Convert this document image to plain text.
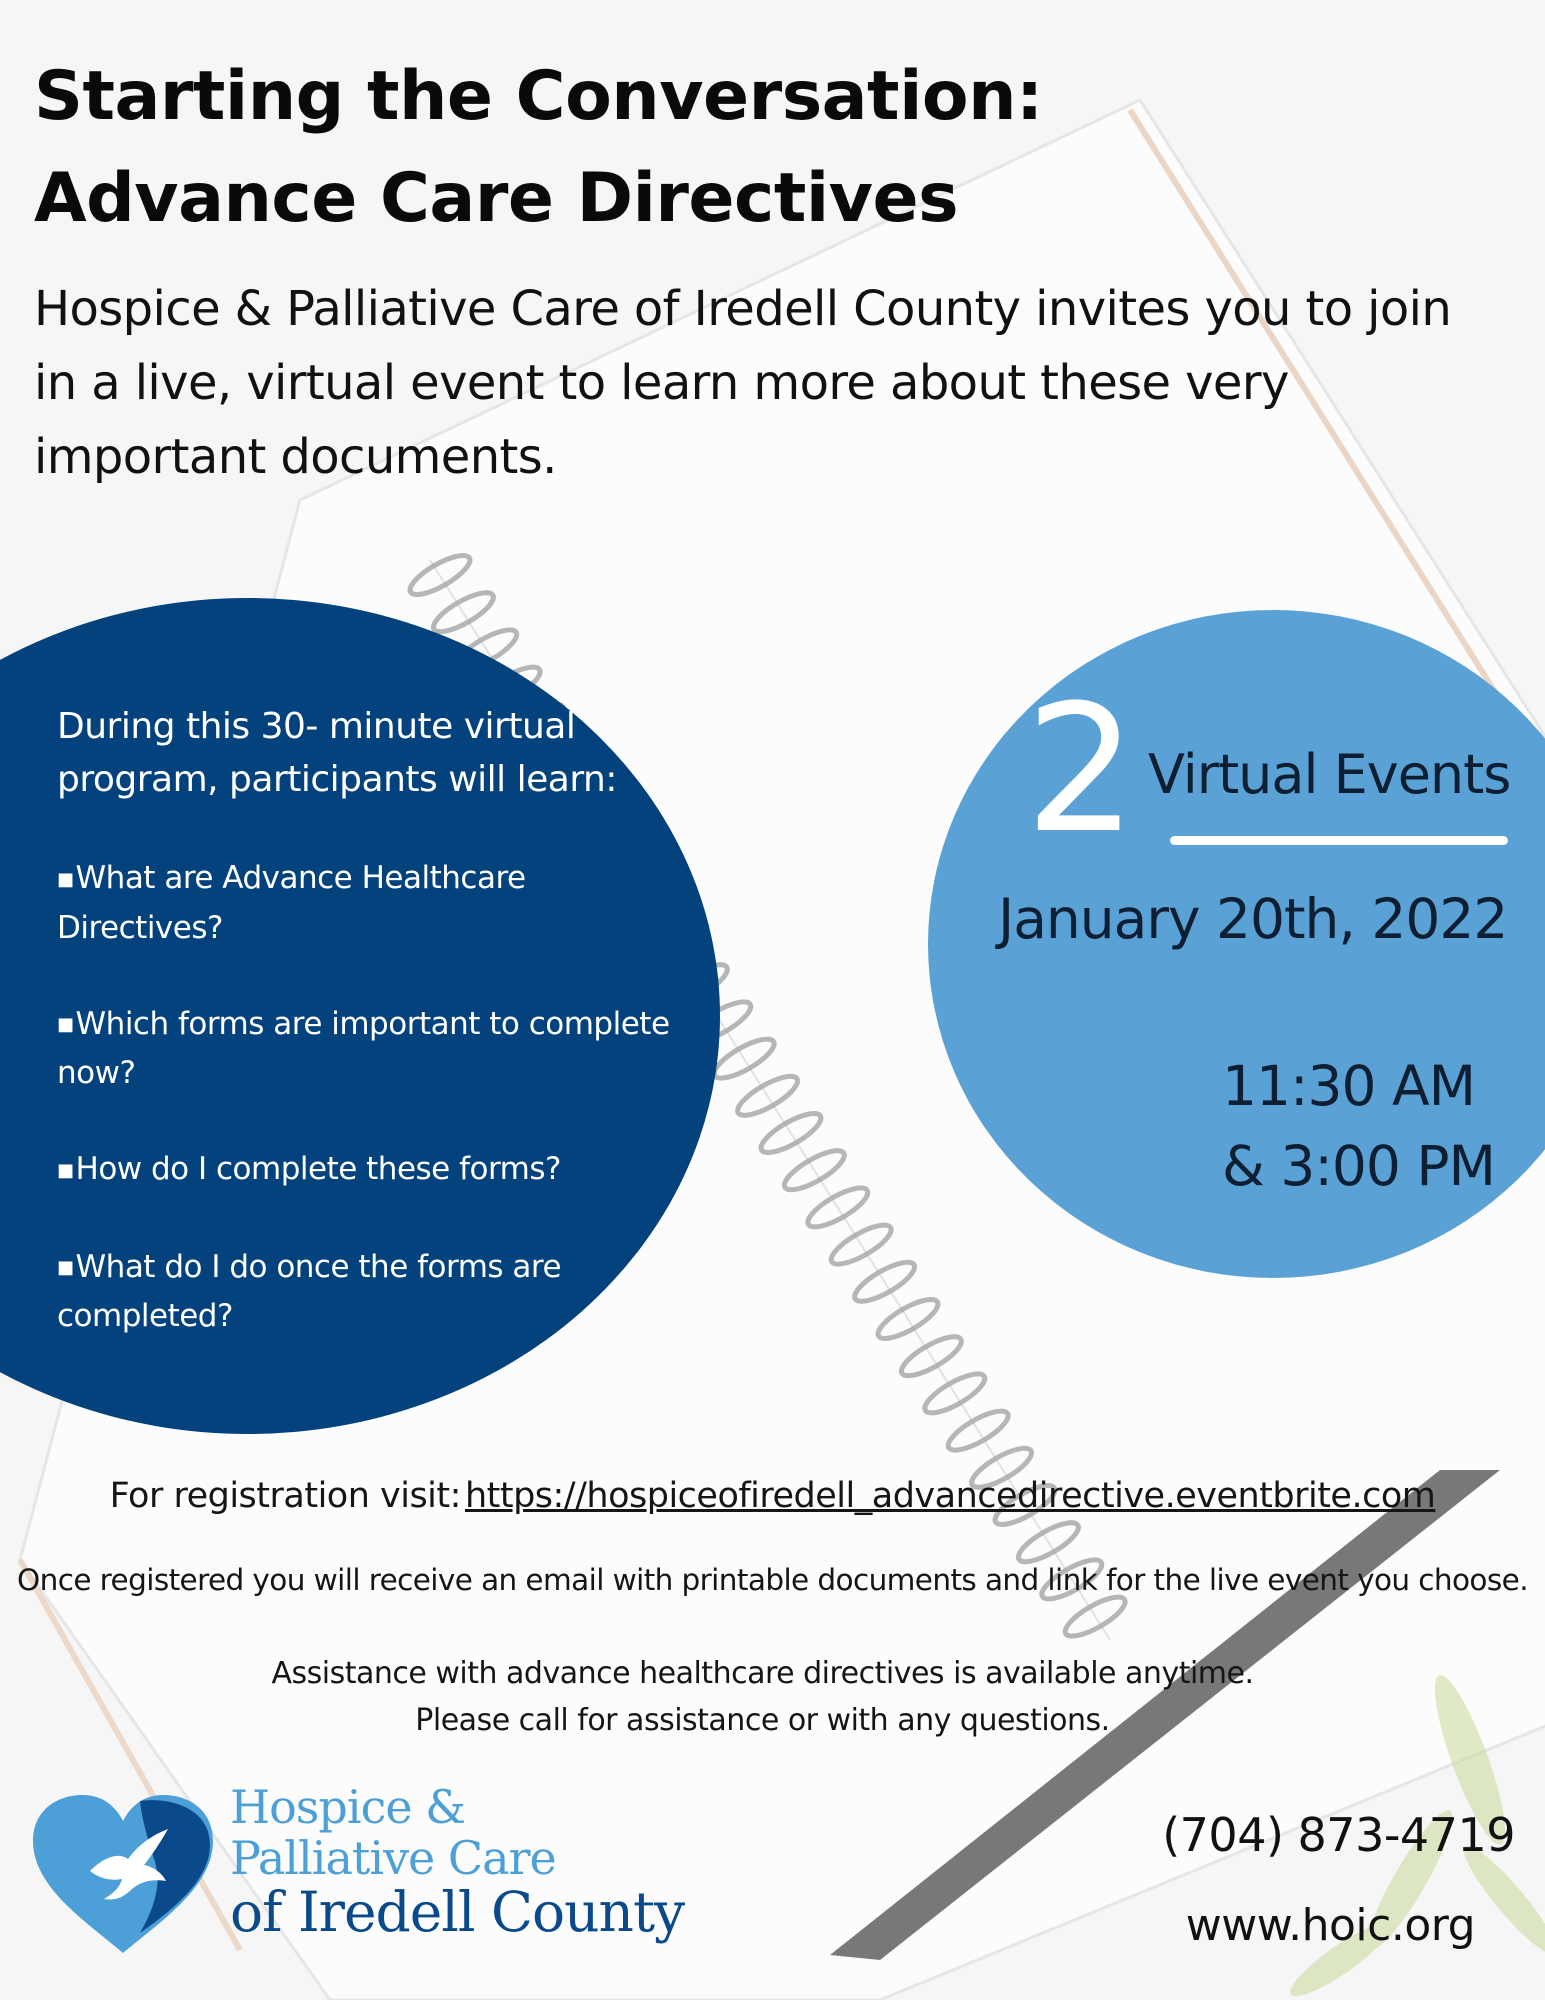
Starting the Conversation:
Advance Care Directives

Hospice & Palliative Care of Iredell County invites you to join in a live, virtual event to learn more about these very important documents.

During this 30- minute virtual program, participants will learn:

■What are Advance Healthcare Directives?
■Which forms are important to complete now?
■How do I complete these forms?
■What do I do once the forms are completed?
2 Virtual Events
January 20th, 2022
11:30 AM
& 3:00 PM
For registration visit: https://hospiceofiredell_advancedirective.eventbrite.com
Once registered you will receive an email with printable documents and link for the live event you choose.
Assistance with advance healthcare directives is available anytime.
Please call for assistance or with any questions.
Hospice &
Palliative Care
of Iredell County
(704) 873-4719
www.hoic.org
